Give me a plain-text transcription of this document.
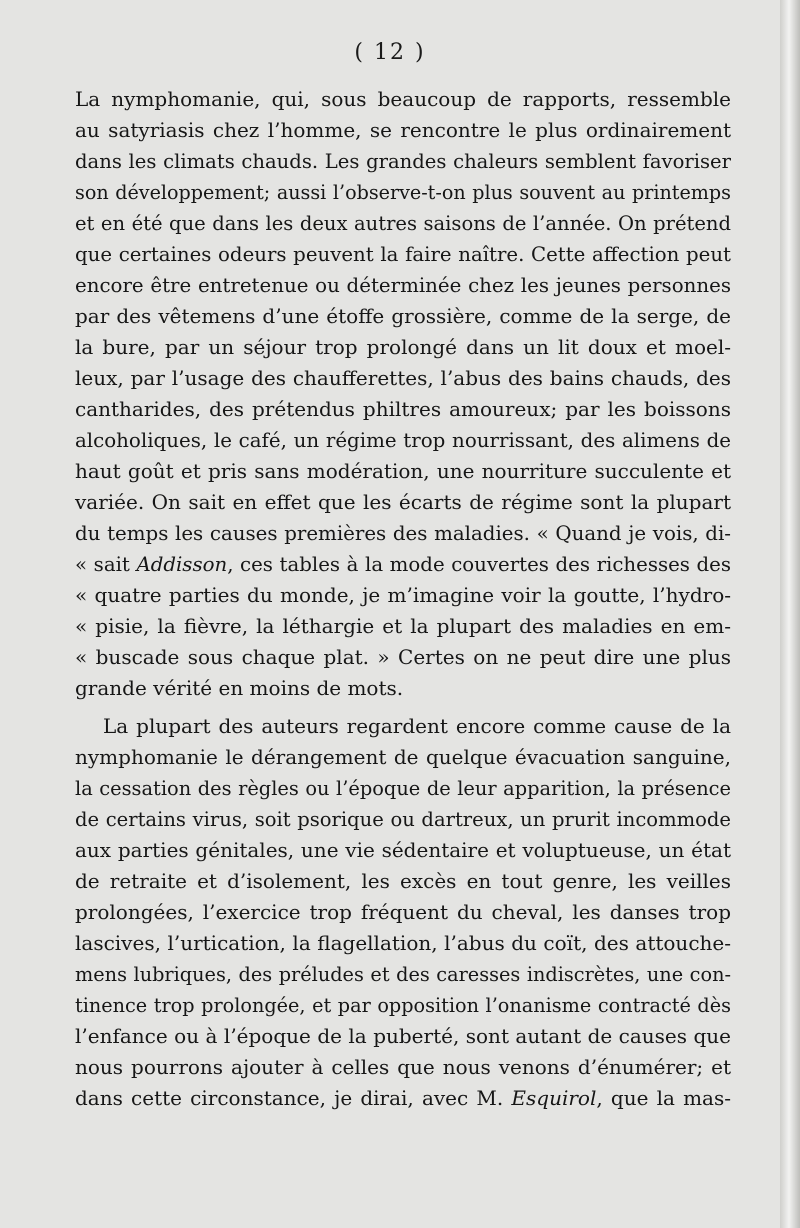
( 12 )
La nymphomanie, qui, sous beaucoup de rapports, ressemble
au satyriasis chez l’homme, se rencontre le plus ordinairement
dans les climats chauds. Les grandes chaleurs semblent favoriser
son développement; aussi l’observe-t-on plus souvent au printemps
et en été que dans les deux autres saisons de l’année. On prétend
que certaines odeurs peuvent la faire naître. Cette affection peut
encore être entretenue ou déterminée chez les jeunes personnes
par des vêtemens d’une étoffe grossière, comme de la serge, de
la bure, par un séjour trop prolongé dans un lit doux et moel-
leux, par l’usage des chaufferettes, l’abus des bains chauds, des
cantharides, des prétendus philtres amoureux; par les boissons
alcoholiques, le café, un régime trop nourrissant, des alimens de
haut goût et pris sans modération, une nourriture succulente et
variée. On sait en effet que les écarts de régime sont la plupart
du temps les causes premières des maladies. « Quand je vois, di-
« sait Addisson, ces tables à la mode couvertes des richesses des
« quatre parties du monde, je m’imagine voir la goutte, l’hydro-
« pisie, la fièvre, la léthargie et la plupart des maladies en em-
« buscade sous chaque plat. » Certes on ne peut dire une plus
grande vérité en moins de mots.
La plupart des auteurs regardent encore comme cause de la
nymphomanie le dérangement de quelque évacuation sanguine,
la cessation des règles ou l’époque de leur apparition, la présence
de certains virus, soit psorique ou dartreux, un prurit incommode
aux parties génitales, une vie sédentaire et voluptueuse, un état
de retraite et d’isolement, les excès en tout genre, les veilles
prolongées, l’exercice trop fréquent du cheval, les danses trop
lascives, l’urtication, la flagellation, l’abus du coït, des attouche-
mens lubriques, des préludes et des caresses indiscrètes, une con-
tinence trop prolongée, et par opposition l’onanisme contracté dès
l’enfance ou à l’époque de la puberté, sont autant de causes que
nous pourrons ajouter à celles que nous venons d’énumérer; et
dans cette circonstance, je dirai, avec M. Esquirol, que la mas-
